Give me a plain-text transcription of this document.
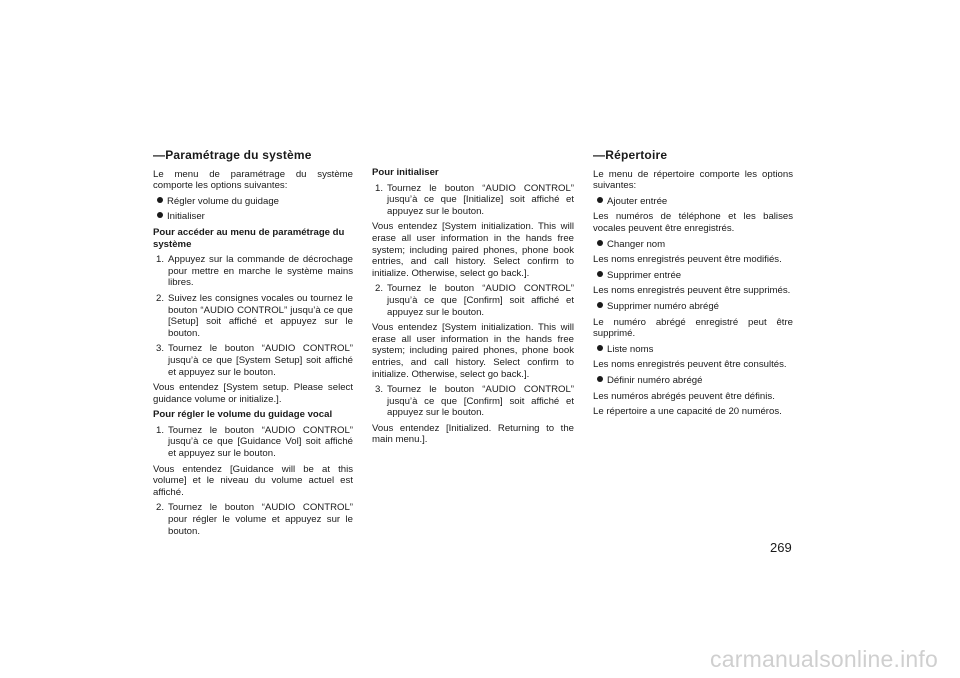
—Paramétrage du système

Le menu de paramétrage du système comporte les options suivantes:

Régler volume du guidage
Initialiser
Pour accéder au menu de paramétrage du système
1. Appuyez sur la commande de décrochage pour mettre en marche le système mains libres.
2. Suivez les consignes vocales ou tournez le bouton “AUDIO CONTROL” jusqu’à ce que [Setup] soit affiché et appuyez sur le bouton.
3. Tournez le bouton “AUDIO CONTROL” jusqu’à ce que [System Setup] soit affiché et appuyez sur le bouton.

Vous entendez [System setup. Please select guidance volume or initialize.].

Pour régler le volume du guidage vocal
1. Tournez le bouton “AUDIO CONTROL” jusqu’à ce que [Guidance Vol] soit affiché et appuyez sur le bouton.

Vous entendez [Guidance will be at this volume] et le niveau du volume actuel est affiché.

2. Tournez le bouton “AUDIO CONTROL” pour régler le volume et appuyez sur le bouton.
Pour initialiser
1. Tournez le bouton “AUDIO CONTROL” jusqu’à ce que [Initialize] soit affiché et appuyez sur le bouton.

Vous entendez [System initialization. This will erase all user information in the hands free system; including paired phones, phone book entries, and call history. Select confirm to initialize. Otherwise, select go back.].

2. Tournez le bouton “AUDIO CONTROL” jusqu’à ce que [Confirm] soit affiché et appuyez sur le bouton.

Vous entendez [System initialization. This will erase all user information in the hands free system; including paired phones, phone book entries, and call history. Select confirm to initialize. Otherwise, select go back.].

3. Tournez le bouton “AUDIO CONTROL” jusqu’à ce que [Confirm] soit affiché et appuyez sur le bouton.

Vous entendez [Initialized. Returning to the main menu.].

—Répertoire

Le menu de répertoire comporte les options suivantes:

Ajouter entrée

Les numéros de téléphone et les balises vocales peuvent être enregistrés.

Changer nom

Les noms enregistrés peuvent être modifiés.

Supprimer entrée

Les noms enregistrés peuvent être supprimés.

Supprimer numéro abrégé

Le numéro abrégé enregistré peut être supprimé.

Liste noms

Les noms enregistrés peuvent être consultés.

Définir numéro abrégé

Les numéros abrégés peuvent être définis.

Le répertoire a une capacité de 20 numéros.

269
carmanualsonline.info
